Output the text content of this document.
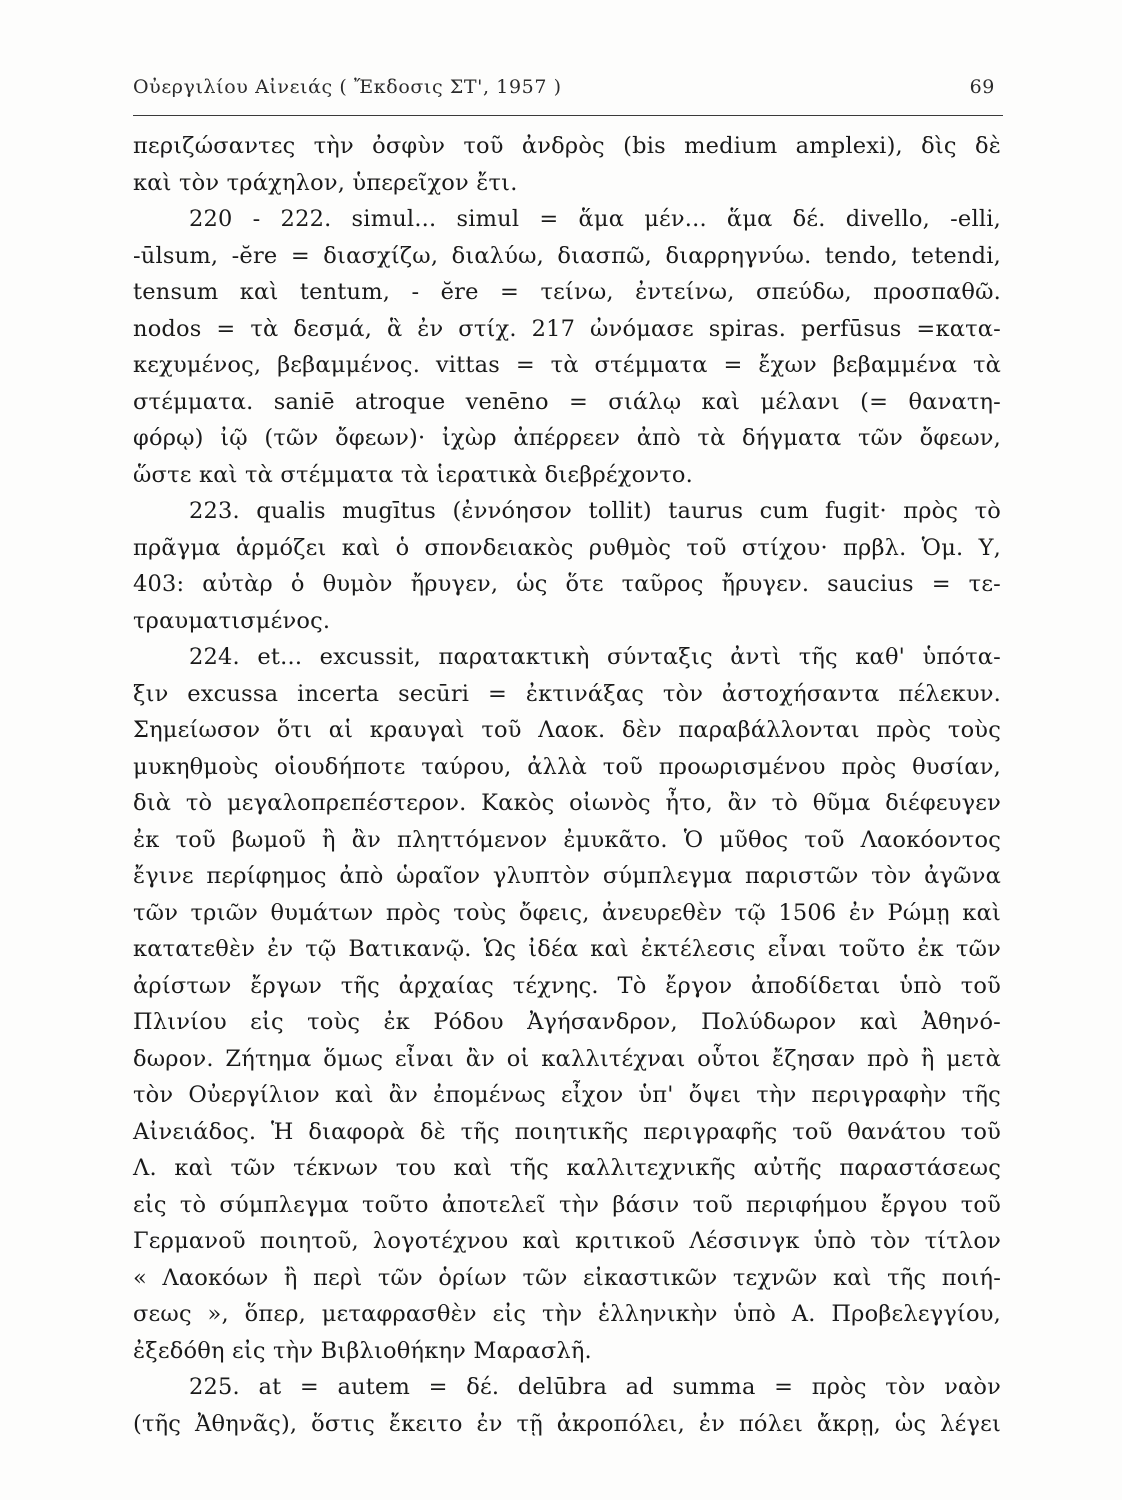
Οὐεργιλίου Αἰνειάς ( Ἔκδοσις ΣΤ', 1957 )	69
περιζώσαντες τὴν ὀσφὺν τοῦ ἀνδρὸς (bis medium amplexi), δὶς δὲ
καὶ τὸν τράχηλον, ὑπερεῖχον ἔτι.
220 - 222. simul... simul = ἅμα μέν... ἅμα δέ. divello, -elli,
-ūlsum, -ĕre = διασχίζω, διαλύω, διασπῶ, διαρρηγνύω. tendo, tetendi,
tensum καὶ tentum, - ĕre = τείνω, ἐντείνω, σπεύδω, προσπαθῶ.
nodos = τὰ δεσμά, ἃ ἐν στίχ. 217 ὠνόμασε spiras. perfūsus =κατα-
κεχυμένος, βεβαμμένος. vittas = τὰ στέμματα = ἔχων βεβαμμένα τὰ
στέμματα. saniē atroque venēno = σιάλῳ καὶ μέλανι (= θανατη-
φόρῳ) ἰῷ (τῶν ὄφεων)· ἰχὼρ ἀπέρρεεν ἀπὸ τὰ δήγματα τῶν ὄφεων,
ὥστε καὶ τὰ στέμματα τὰ ἱερατικὰ διεβρέχοντο.
223. qualis mugītus (ἐννόησον tollit) taurus cum fugit· πρὸς τὸ
πρᾶγμα ἁρμόζει καὶ ὁ σπονδειακὸς ρυθμὸς τοῦ στίχου· πρβλ. Ὁμ. Υ,
403: αὐτὰρ ὁ θυμὸν ἤρυγεν, ὡς ὅτε ταῦρος ἤρυγεν. saucius = τε-
τραυματισμένος.
224. et... excussit, παρατακτικὴ σύνταξις ἀντὶ τῆς καθ' ὑπότα-
ξιν excussa incerta secūri = ἐκτινάξας τὸν ἀστοχήσαντα πέλεκυν.
Σημείωσον ὅτι αἱ κραυγαὶ τοῦ Λαοκ. δὲν παραβάλλονται πρὸς τοὺς
μυκηθμοὺς οἱουδήποτε ταύρου, ἀλλὰ τοῦ προωρισμένου πρὸς θυσίαν,
διὰ τὸ μεγαλοπρεπέστερον. Κακὸς οἰωνὸς ἦτο, ἂν τὸ θῦμα διέφευγεν
ἐκ τοῦ βωμοῦ ἢ ἂν πληττόμενον ἐμυκᾶτο. Ὁ μῦθος τοῦ Λαοκόοντος
ἔγινε περίφημος ἀπὸ ὡραῖον γλυπτὸν σύμπλεγμα παριστῶν τὸν ἀγῶνα
τῶν τριῶν θυμάτων πρὸς τοὺς ὄφεις, ἀνευρεθὲν τῷ 1506 ἐν Ρώμῃ καὶ
κατατεθὲν ἐν τῷ Βατικανῷ. Ὡς ἰδέα καὶ ἐκτέλεσις εἶναι τοῦτο ἐκ τῶν
ἀρίστων ἔργων τῆς ἀρχαίας τέχνης. Τὸ ἔργον ἀποδίδεται ὑπὸ τοῦ
Πλινίου εἰς τοὺς ἐκ Ρόδου Ἀγήσανδρον, Πολύδωρον καὶ Ἀθηνό-
δωρον. Ζήτημα ὅμως εἶναι ἂν οἱ καλλιτέχναι οὗτοι ἔζησαν πρὸ ἢ μετὰ
τὸν Οὐεργίλιον καὶ ἂν ἐπομένως εἶχον ὑπ' ὄψει τὴν περιγραφὴν τῆς
Αἰνειάδος. Ἡ διαφορὰ δὲ τῆς ποιητικῆς περιγραφῆς τοῦ θανάτου τοῦ
Λ. καὶ τῶν τέκνων του καὶ τῆς καλλιτεχνικῆς αὐτῆς παραστάσεως
εἰς τὸ σύμπλεγμα τοῦτο ἀποτελεῖ τὴν βάσιν τοῦ περιφήμου ἔργου τοῦ
Γερμανοῦ ποιητοῦ, λογοτέχνου καὶ κριτικοῦ Λέσσινγκ ὑπὸ τὸν τίτλον
« Λαοκόων ἢ περὶ τῶν ὁρίων τῶν εἰκαστικῶν τεχνῶν καὶ τῆς ποιή-
σεως », ὅπερ, μεταφρασθὲν εἰς τὴν ἑλληνικὴν ὑπὸ Α. Προβελεγγίου,
ἐξεδόθη εἰς τὴν Βιβλιοθήκην Μαρασλῆ.
225. at = autem = δέ. delūbra ad summa = πρὸς τὸν ναὸν
(τῆς Ἀθηνᾶς), ὅστις ἔκειτο ἐν τῇ ἀκροπόλει, ἐν πόλει ἄκρῃ, ὡς λέγει
